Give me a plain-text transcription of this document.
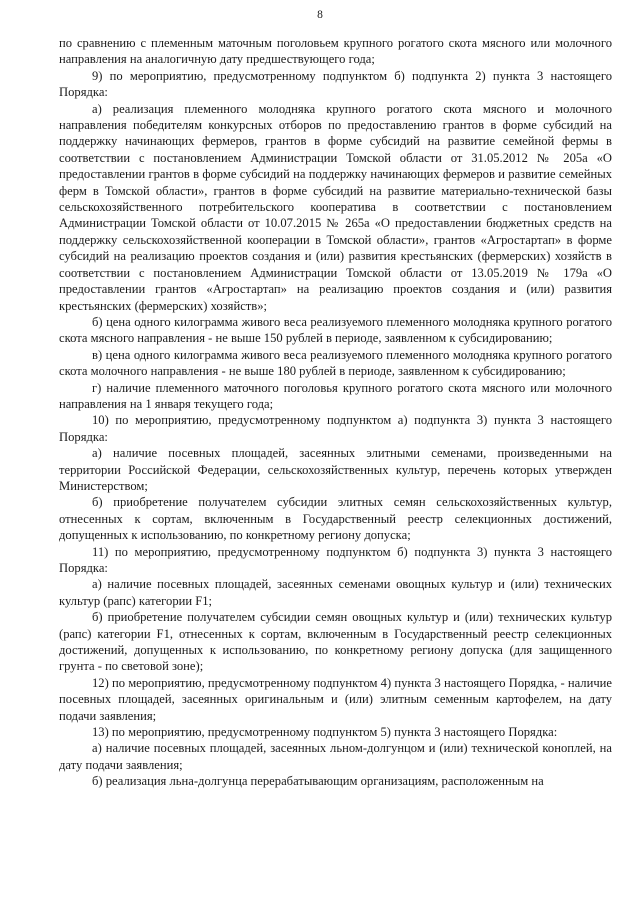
8

по сравнению с племенным маточным поголовьем крупного рогатого скота мясного или молочного направления на аналогичную дату предшествующего года;

9) по мероприятию, предусмотренному подпунктом б) подпункта 2) пункта 3 настоящего Порядка:

а) реализация племенного молодняка крупного рогатого скота мясного и молочного направления победителям конкурсных отборов по предоставлению грантов в форме субсидий на поддержку начинающих фермеров, грантов в форме субсидий на развитие семейной фермы в соответствии с постановлением Администрации Томской области от 31.05.2012 № 205а «О предоставлении грантов в форме субсидий на поддержку начинающих фермеров и развитие семейных ферм в Томской области», грантов в форме субсидий на развитие материально-технической базы сельскохозяйственного потребительского кооператива в соответствии с постановлением Администрации Томской области от 10.07.2015 № 265а «О предоставлении бюджетных средств на поддержку сельскохозяйственной кооперации в Томской области», грантов «Агростартап» в форме субсидий на реализацию проектов создания и (или) развития крестьянских (фермерских) хозяйств в соответствии с постановлением Администрации Томской области от 13.05.2019 № 179а «О предоставлении грантов «Агростартап» на реализацию проектов создания и (или) развития крестьянских (фермерских) хозяйств»;

б) цена одного килограмма живого веса реализуемого племенного молодняка крупного рогатого скота мясного направления - не выше 150 рублей в периоде, заявленном к субсидированию;

в) цена одного килограмма живого веса реализуемого племенного молодняка крупного рогатого скота молочного направления - не выше 180 рублей в периоде, заявленном к субсидированию;

г) наличие племенного маточного поголовья крупного рогатого скота мясного или молочного направления на 1 января текущего года;

10) по мероприятию, предусмотренному подпунктом а) подпункта 3) пункта 3 настоящего Порядка:

а) наличие посевных площадей, засеянных элитными семенами, произведенными на территории Российской Федерации, сельскохозяйственных культур, перечень которых утвержден Министерством;

б) приобретение получателем субсидии элитных семян сельскохозяйственных культур, отнесенных к сортам, включенным в Государственный реестр селекционных достижений, допущенных к использованию, по конкретному региону допуска;

11) по мероприятию, предусмотренному подпунктом б) подпункта 3) пункта 3 настоящего Порядка:

а) наличие посевных площадей, засеянных семенами овощных культур и (или) технических культур (рапс) категории F1;

б) приобретение получателем субсидии семян овощных культур и (или) технических культур (рапс) категории F1, отнесенных к сортам, включенным в Государственный реестр селекционных достижений, допущенных к использованию, по конкретному региону допуска (для защищенного грунта - по световой зоне);

12) по мероприятию, предусмотренному подпунктом 4) пункта 3 настоящего Порядка, - наличие посевных площадей, засеянных оригинальным и (или) элитным семенным картофелем, на дату подачи заявления;

13) по мероприятию, предусмотренному подпунктом 5) пункта 3 настоящего Порядка:

а) наличие посевных площадей, засеянных льном-долгунцом и (или) технической коноплей, на дату подачи заявления;

б) реализация льна-долгунца перерабатывающим организациям, расположенным на
